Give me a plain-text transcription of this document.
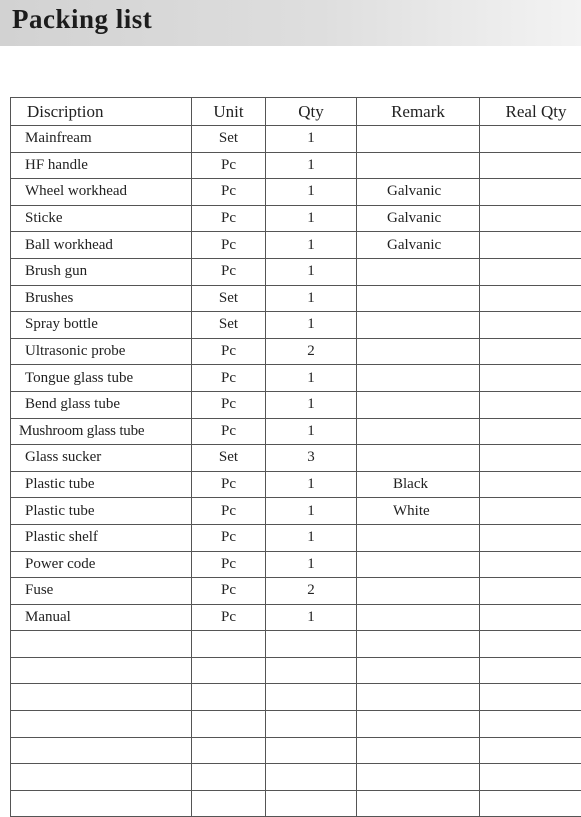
Packing list
Discription	Unit	Qty	Remark	Real Qty
Mainfream	Set	1		
HF handle	Pc	1		
Wheel workhead	Pc	1	Galvanic	
Sticke	Pc	1	Galvanic	
Ball workhead	Pc	1	Galvanic	
Brush gun	Pc	1		
Brushes	Set	1		
Spray bottle	Set	1		
Ultrasonic probe	Pc	2		
Tongue glass tube	Pc	1		
Bend glass tube	Pc	1		
Mushroom glass tube	Pc	1		
Glass sucker	Set	3		
Plastic tube	Pc	1	Black	
Plastic tube	Pc	1	White	
Plastic shelf	Pc	1		
Power code	Pc	1		
Fuse	Pc	2		
Manual	Pc	1		
